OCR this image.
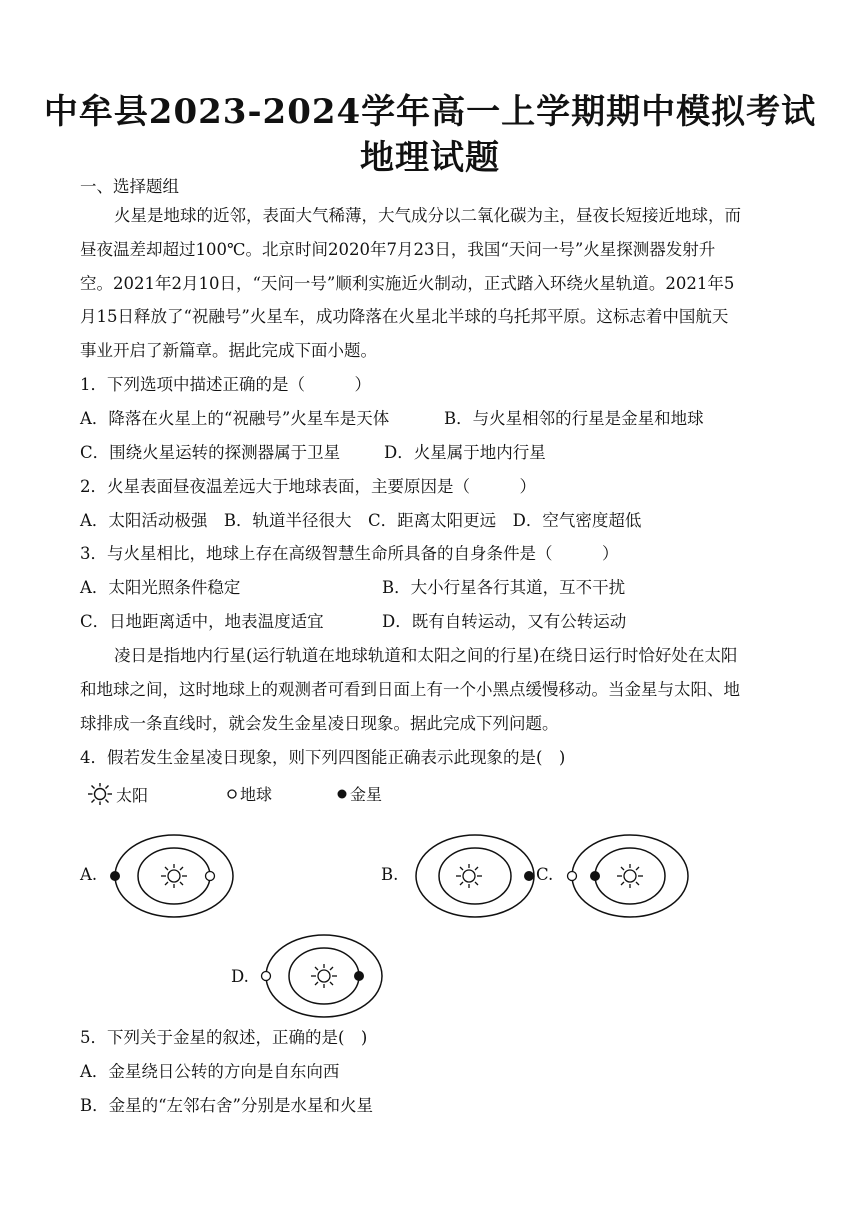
中牟县2023-2024学年高一上学期期中模拟考试
地理试题
一、选择题组
火星是地球的近邻，表面大气稀薄，大气成分以二氧化碳为主，昼夜长短接近地球，而
昼夜温差却超过100℃。北京时间2020年7月23日，我国“天问一号”火星探测器发射升
空。2021年2月10日，“天问一号”顺利实施近火制动，正式踏入环绕火星轨道。2021年5
月15日释放了“祝融号”火星车，成功降落在火星北半球的乌托邦平原。这标志着中国航天
事业开启了新篇章。据此完成下面小题。
1．下列选项中描述正确的是（　　　）
A．降落在火星上的“祝融号”火星车是天体	B．与火星相邻的行星是金星和地球
C．围绕火星运转的探测器属于卫星	D．火星属于地内行星
2．火星表面昼夜温差远大于地球表面，主要原因是（　　　）
A．太阳活动极强　B．轨道半径很大　C．距离太阳更远　D．空气密度超低
3．与火星相比，地球上存在高级智慧生命所具备的自身条件是（　　　）
A．太阳光照条件稳定	B．大小行星各行其道，互不干扰
C．日地距离适中，地表温度适宜	D．既有自转运动，又有公转运动
凌日是指地内行星(运行轨道在地球轨道和太阳之间的行星)在绕日运行时恰好处在太阳
和地球之间，这时地球上的观测者可看到日面上有一个小黑点缓慢移动。当金星与太阳、地
球排成一条直线时，就会发生金星凌日现象。据此完成下列问题。
4．假若发生金星凌日现象，则下列四图能正确表示此现象的是(　)
太阳	地球	金星
A.	B.	C.
D.
5．下列关于金星的叙述，正确的是(　)
A．金星绕日公转的方向是自东向西
B．金星的“左邻右舍”分别是水星和火星
